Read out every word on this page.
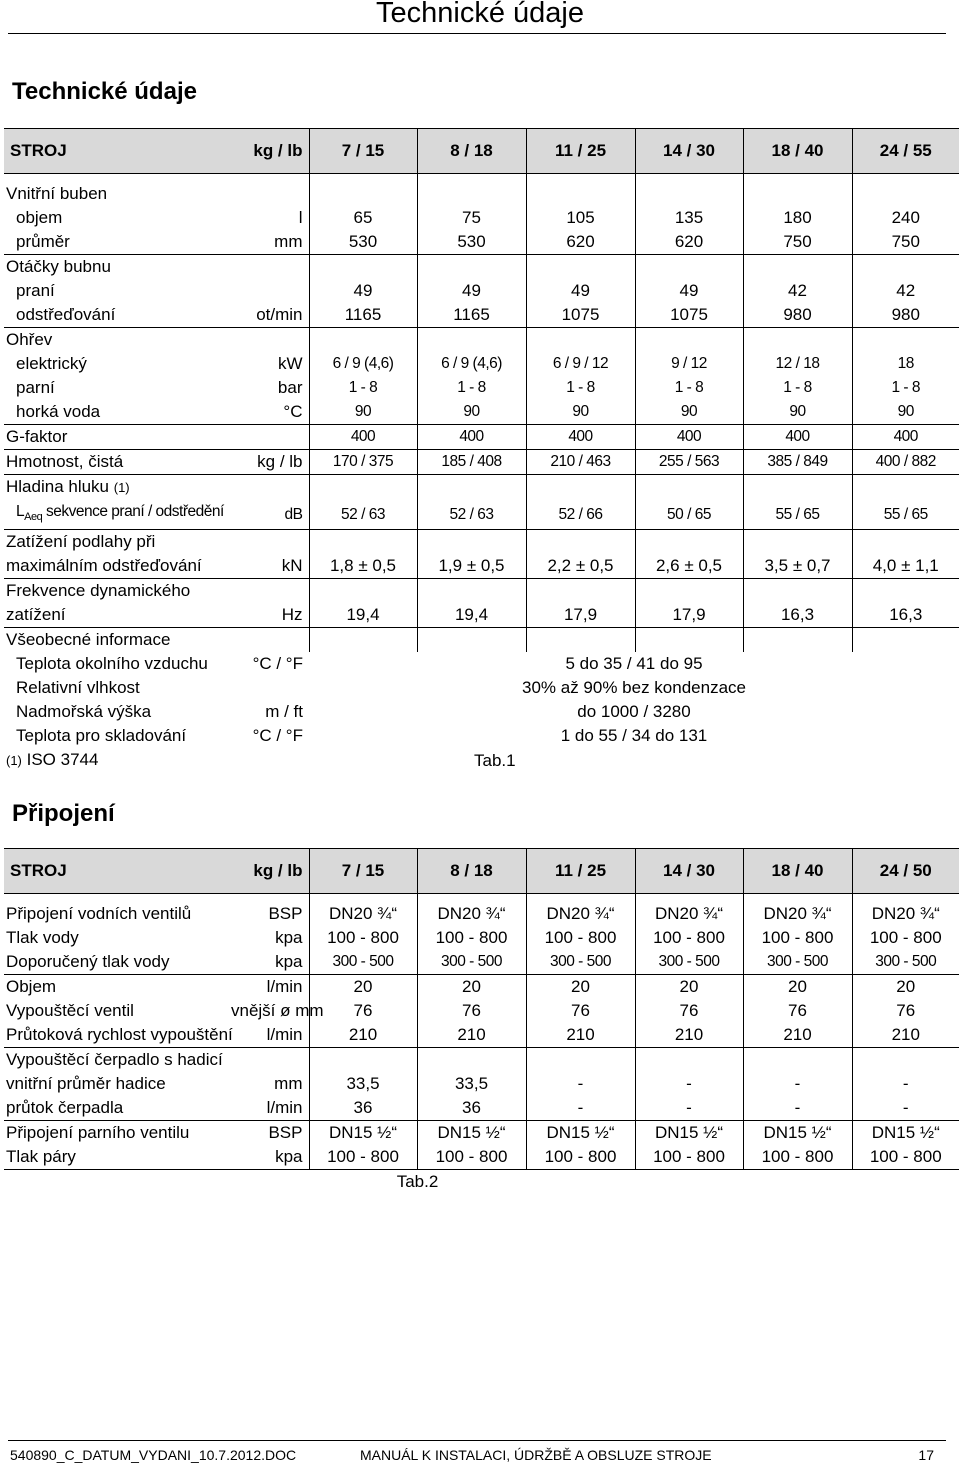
Technické údaje
Technické údaje
STROJ	kg / lb	7 / 15	8 / 18	11 / 25	14 / 30	18 / 40	24 / 55

Vnitřní buben							
objem	l	65	75	105	135	180	240
průměr	mm	530	530	620	620	750	750
Otáčky bubnu							
praní		49	49	49	49	42	42
odstřeďování	ot/min	1165	1165	1075	1075	980	980
Ohřev							
elektrický	kW	6 / 9 (4,6)	6 / 9 (4,6)	6 / 9 / 12	9 / 12	12 / 18	18
parní	bar	1 - 8	1 - 8	1 - 8	1 - 8	1 - 8	1 - 8
horká voda	°C	90	90	90	90	90	90
G-faktor		400	400	400	400	400	400
Hmotnost, čistá	kg / lb	170 / 375	185 / 408	210 / 463	255 / 563	385 / 849	400 / 882
Hladina hluku (1)							
$L_{Aeq}$ sekvence praní / odstředění	dB	52 / 63	52 / 63	52 / 66	50 / 65	55 / 65	55 / 65
Zatížení podlahy při							
maximálním odstřeďování	kN	1,8 ± 0,5	1,9 ± 0,5	2,2 ± 0,5	2,6 ± 0,5	3,5 ± 0,7	4,0 ± 1,1
Frekvence dynamického							
zatížení	Hz	19,4	19,4	17,9	17,9	16,3	16,3
Všeobecné informace							
Teplota okolního vzduchu	°C / °F	5 do 35 / 41 do 95					
Relativní vlhkost		30% až 90% bez kondenzace					
Nadmořská výška	m / ft	do 1000 / 3280					
Teplota pro skladování	°C / °F	1 do 55 / 34 do 131					
(1) ISO 3744		Tab.1					
Připojení
STROJ	kg / lb	7 / 15	8 / 18	11 / 25	14 / 30	18 / 40	24 / 50

Připojení vodních ventilů	BSP	DN20 ¾“	DN20 ¾“	DN20 ¾“	DN20 ¾“	DN20 ¾“	DN20 ¾“
Tlak vody	kpa	100 - 800	100 - 800	100 - 800	100 - 800	100 - 800	100 - 800
Doporučený tlak vody	kpa	300 - 500	300 - 500	300 - 500	300 - 500	300 - 500	300 - 500
Objem	l/min	20	20	20	20	20	20
Vypouštěcí ventil	vnější ø mm	76	76	76	76	76	76
Průtoková rychlost vypouštění	l/min	210	210	210	210	210	210
Vypouštěcí čerpadlo s hadicí							
vnitřní průměr hadice	mm	33,5	33,5	-	-	-	-
průtok čerpadla	l/min	36	36	-	-	-	-
Připojení parního ventilu	BSP	DN15 ½“	DN15 ½“	DN15 ½“	DN15 ½“	DN15 ½“	DN15 ½“
Tlak páry	kpa	100 - 800	100 - 800	100 - 800	100 - 800	100 - 800	100 - 800
		Tab.2					
540890_C_DATUM_VYDANI_10.7.2012.DOC	MANUÁL K INSTALACI, ÚDRŽBĚ A OBSLUZE STROJE	17
